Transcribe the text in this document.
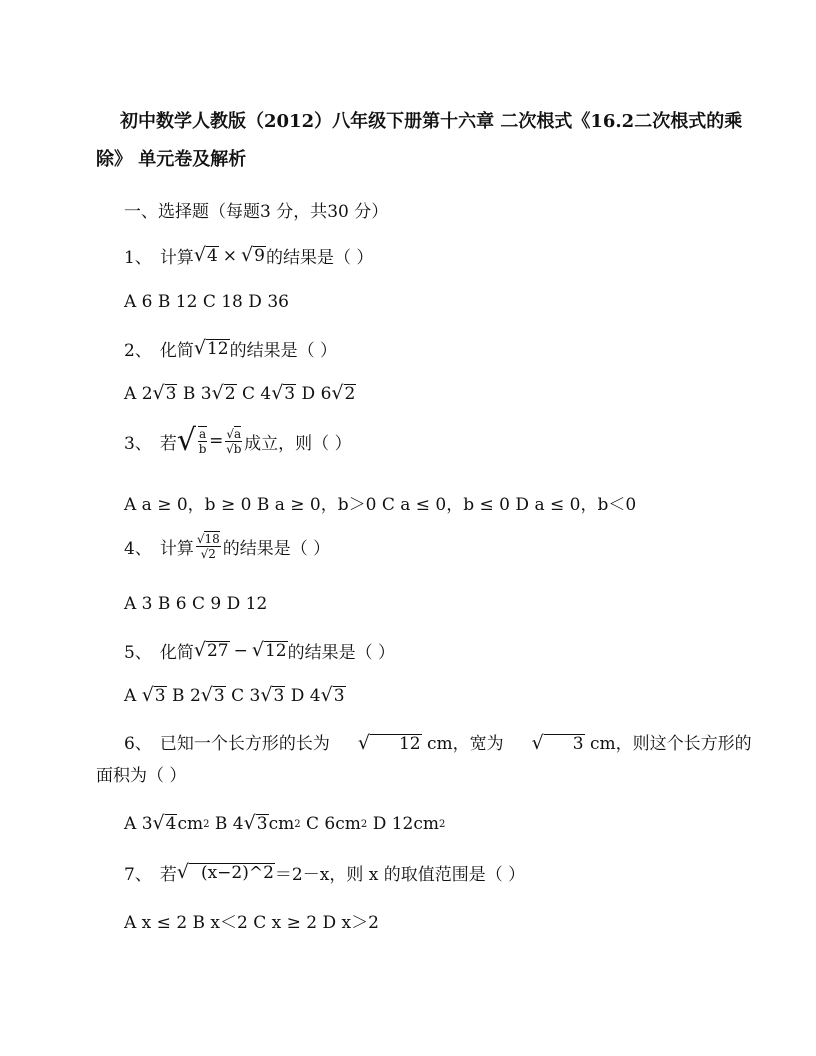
初中数学人教版（2012）八年级下册第十六章 二次根式《16.2二次根式的乘除》 单元卷及解析
一、选择题（每题3 分，共30 分）
1、 计算 √ 4 × √ 9 的结果是（ ）
A 6 B 12 C 18 D 36
2、 化简 √ 12 的结果是（ ）
A
2 √ 3
B
3 √ 2
C
4 √ 3
D
6 √ 2
3、 若 √ $\frac{a}{b} = \frac{√a}{√b}$ 成立，则（ ）
A a ≥ 0，b ≥ 0 B a ≥ 0，b＞0 C a ≤ 0，b ≤ 0 D a ≤ 0，b＜0
4、 计算 $\frac{√18}{√2}$ 的结果是（ ）
A 3 B 6 C 9 D 12
5、 化简 √ 27 − √ 12 的结果是（ ）
A
√ 3
B
2 √ 3
C
3 √ 3
D
4 √ 3
6、 已知一个长方形的长为	√	12 cm，宽为	√	3 cm，则这个长方形的面积为（ ）
A
3 √ 4 cm 2
B
4 √ 3 cm 2
C
6 cm 2
D
12 cm 2
7、 若 √ (x−2)^2 ＝2－x，则 x 的取值范围是（ ）
A x ≤ 2 B x＜2 C x ≥ 2 D x＞2
